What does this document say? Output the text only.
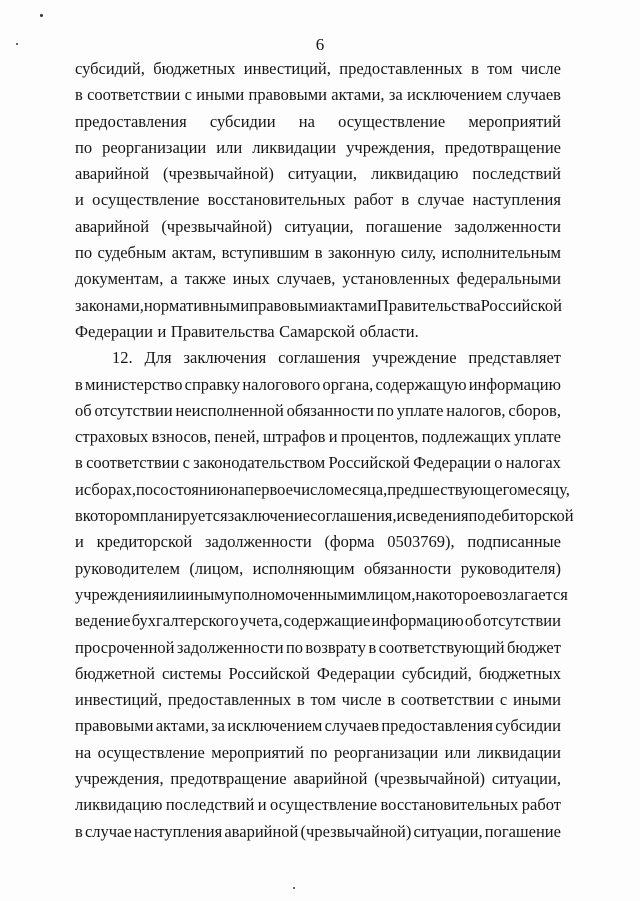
6
субсидий, бюджетных инвестиций, предоставленных в том числе
в соответствии с иными правовыми актами, за исключением случаев
предоставления субсидии на осуществление мероприятий
по реорганизации или ликвидации учреждения, предотвращение
аварийной (чрезвычайной) ситуации, ликвидацию последствий
и осуществление восстановительных работ в случае наступления
аварийной (чрезвычайной) ситуации, погашение задолженности
по судебным актам, вступившим в законную силу, исполнительным
документам, а также иных случаев, установленных федеральными
законами, нормативными правовыми актами Правительства Российской
Федерации и Правительства Самарской области.
12. Для заключения соглашения учреждение представляет
в министерство справку налогового органа, содержащую информацию
об отсутствии неисполненной обязанности по уплате налогов, сборов,
страховых взносов, пеней, штрафов и процентов, подлежащих уплате
в соответствии с законодательством Российской Федерации о налогах
и сборах, по состоянию на первое число месяца, предшествующего месяцу,
в котором планируется заключение соглашения, и сведения по дебиторской
и кредиторской задолженности (форма 0503769), подписанные
руководителем (лицом, исполняющим обязанности руководителя)
учреждения или иным уполномоченным им лицом, на которое возлагается
ведение бухгалтерского учета, содержащие информацию об отсутствии
просроченной задолженности по возврату в соответствующий бюджет
бюджетной системы Российской Федерации субсидий, бюджетных
инвестиций, предоставленных в том числе в соответствии с иными
правовыми актами, за исключением случаев предоставления субсидии
на осуществление мероприятий по реорганизации или ликвидации
учреждения, предотвращение аварийной (чрезвычайной) ситуации,
ликвидацию последствий и осуществление восстановительных работ
в случае наступления аварийной (чрезвычайной) ситуации, погашение
